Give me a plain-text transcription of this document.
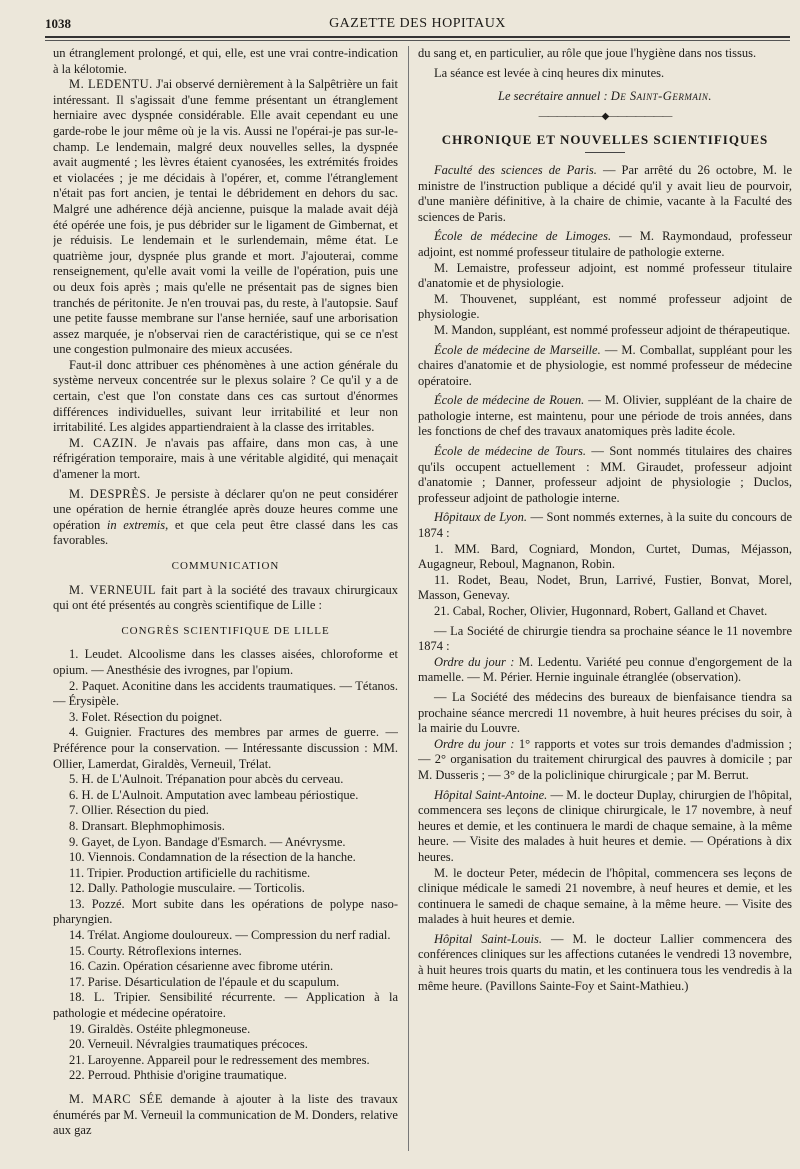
1038	GAZETTE DES HOPITAUX

un étranglement prolongé, et qui, elle, est une vrai contre-indication à la kélotomie.

M. LEDENTU. J'ai observé dernièrement à la Salpêtrière un fait intéressant. Il s'agissait d'une femme présentant un étranglement herniaire avec dyspnée considérable. Elle avait cependant eu une garde-robe le jour même où je la vis. Aussi ne l'opérai-je pas sur-le-champ. Le lendemain, malgré deux nouvelles selles, la dyspnée avait augmenté ; les lèvres étaient cyanosées, les extrémités froides et violacées ; je me décidais à l'opérer, et, comme l'étranglement n'était pas fort ancien, je tentai le débridement en dehors du sac. Malgré une adhérence déjà ancienne, puisque la malade avait déjà été opérée une fois, je pus débrider sur le ligament de Gimbernat, et je réduisis. Le lendemain et le surlendemain, même état. Le quatrième jour, dyspnée plus grande et mort. J'ajouterai, comme renseignement, qu'elle avait vomi la veille de l'opération, puis une ou deux fois après ; mais qu'elle ne présentait pas de signes bien tranchés de péritonite. Je n'en trouvai pas, du reste, à l'autopsie. Sauf une petite fausse membrane sur l'anse herniée, sauf une arborisation assez marquée, je n'observai rien de caractéristique, qui se ce n'est une congestion pulmonaire des mieux accusées.

Faut-il donc attribuer ces phénomènes à une action générale du système nerveux concentrée sur le plexus solaire ? Ce qu'il y a de certain, c'est que l'on constate dans ces cas surtout d'énormes différences individuelles, suivant leur irritabilité et leur non irritabilité. Les algides appartiendraient à la classe des irritables.

M. CAZIN. Je n'avais pas affaire, dans mon cas, à une réfrigération temporaire, mais à une véritable algidité, qui menaçait d'amener la mort.

M. DESPRÈS. Je persiste à déclarer qu'on ne peut considérer une opération de hernie étranglée après douze heures comme une opération in extremis, et que cela peut être classé dans les cas favorables.

COMMUNICATION

M. VERNEUIL fait part à la société des travaux chirurgicaux qui ont été présentés au congrès scientifique de Lille :

CONGRÈS SCIENTIFIQUE DE LILLE

1. Leudet. Alcoolisme dans les classes aisées, chloroforme et opium. — Anesthésie des ivrognes, par l'opium.

2. Paquet. Aconitine dans les accidents traumatiques. — Tétanos. — Érysipèle.

3. Folet. Résection du poignet.

4. Guignier. Fractures des membres par armes de guerre. — Préférence pour la conservation. — Intéressante discussion : MM. Ollier, Lamerdat, Giraldès, Verneuil, Trélat.

5. H. de L'Aulnoit. Trépanation pour abcès du cerveau.

6. H. de L'Aulnoit. Amputation avec lambeau périostique.

7. Ollier. Résection du pied.

8. Dransart. Blephmophimosis.

9. Gayet, de Lyon. Bandage d'Esmarch. — Anévrysme.

10. Viennois. Condamnation de la résection de la hanche.

11. Tripier. Production artificielle du rachitisme.

12. Dally. Pathologie musculaire. — Torticolis.

13. Pozzé. Mort subite dans les opérations de polype naso-pharyngien.

14. Trélat. Angiome douloureux. — Compression du nerf radial.

15. Courty. Rétroflexions internes.

16. Cazin. Opération césarienne avec fibrome utérin.

17. Parise. Désarticulation de l'épaule et du scapulum.

18. L. Tripier. Sensibilité récurrente. — Application à la pathologie et médecine opératoire.

19. Giraldès. Ostéite phlegmoneuse.

20. Verneuil. Névralgies traumatiques précoces.

21. Laroyenne. Appareil pour le redressement des membres.

22. Perroud. Phthisie d'origine traumatique.

M. MARC SÉE demande à ajouter à la liste des travaux énumérés par M. Verneuil la communication de M. Donders, relative aux gaz

du sang et, en particulier, au rôle que joue l'hygiène dans nos tissus.

La séance est levée à cinq heures dix minutes.

Le secrétaire annuel : De Saint-Germain.
———————◆———————
CHRONIQUE ET NOUVELLES SCIENTIFIQUES

Faculté des sciences de Paris. — Par arrêté du 26 octobre, M. le ministre de l'instruction publique a décidé qu'il y avait lieu de pourvoir, d'une manière définitive, à la chaire de chimie, vacante à la Faculté des sciences de Paris.

École de médecine de Limoges. — M. Raymondaud, professeur adjoint, est nommé professeur titulaire de pathologie externe.

M. Lemaistre, professeur adjoint, est nommé professeur titulaire d'anatomie et de physiologie.

M. Thouvenet, suppléant, est nommé professeur adjoint de physiologie.

M. Mandon, suppléant, est nommé professeur adjoint de thérapeutique.

École de médecine de Marseille. — M. Comballat, suppléant pour les chaires d'anatomie et de physiologie, est nommé professeur de médecine opératoire.

École de médecine de Rouen. — M. Olivier, suppléant de la chaire de pathologie interne, est maintenu, pour une période de trois années, dans les fonctions de chef des travaux anatomiques près ladite école.

École de médecine de Tours. — Sont nommés titulaires des chaires qu'ils occupent actuellement : MM. Giraudet, professeur adjoint d'anatomie ; Danner, professeur adjoint de physiologie ; Duclos, professeur adjoint de pathologie interne.

Hôpitaux de Lyon. — Sont nommés externes, à la suite du concours de 1874 :

1. MM. Bard, Cogniard, Mondon, Curtet, Dumas, Méjasson, Augagneur, Reboul, Magnanon, Robin.

11. Rodet, Beau, Nodet, Brun, Larrivé, Fustier, Bonvat, Morel, Masson, Genevay.

21. Cabal, Rocher, Olivier, Hugonnard, Robert, Galland et Chavet.

— La Société de chirurgie tiendra sa prochaine séance le 11 novembre 1874 :

Ordre du jour : M. Ledentu. Variété peu connue d'engorgement de la mamelle. — M. Périer. Hernie inguinale étranglée (observation).

— La Société des médecins des bureaux de bienfaisance tiendra sa prochaine séance mercredi 11 novembre, à huit heures précises du soir, à la mairie du Louvre.

Ordre du jour : 1° rapports et votes sur trois demandes d'admission ; — 2° organisation du traitement chirurgical des pauvres à domicile ; par M. Dusseris ; — 3° de la policlinique chirurgicale ; par M. Berrut.

Hôpital Saint-Antoine. — M. le docteur Duplay, chirurgien de l'hôpital, commencera ses leçons de clinique chirurgicale, le 17 novembre, à neuf heures et demie, et les continuera le mardi de chaque semaine, à la même heure. — Visite des malades à huit heures et demie. — Opérations à dix heures.

M. le docteur Peter, médecin de l'hôpital, commencera ses leçons de clinique médicale le samedi 21 novembre, à neuf heures et demie, et les continuera le samedi de chaque semaine, à la même heure. — Visite des malades à huit heures et demie.

Hôpital Saint-Louis. — M. le docteur Lallier commencera des conférences cliniques sur les affections cutanées le vendredi 13 novembre, à huit heures trois quarts du matin, et les continuera tous les vendredis à la même heure. (Pavillons Sainte-Foy et Saint-Mathieu.)
